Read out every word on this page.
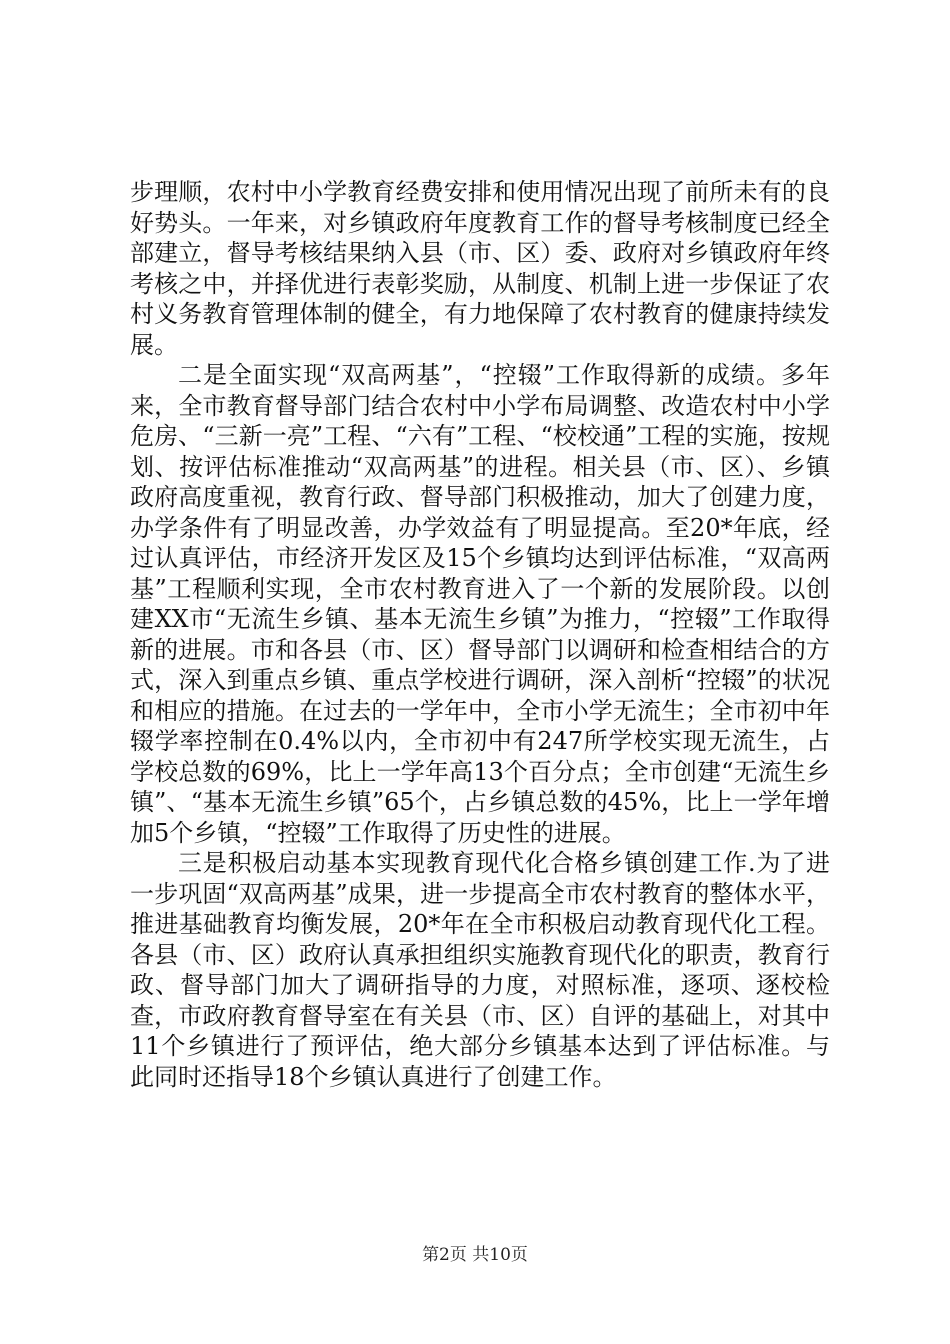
步理顺，农村中小学教育经费安排和使用情况出现了前所未有的良好势头。一年来，对乡镇政府年度教育工作的督导考核制度已经全部建立，督导考核结果纳入县（市、区）委、政府对乡镇政府年终考核之中，并择优进行表彰奖励，从制度、机制上进一步保证了农村义务教育管理体制的健全，有力地保障了农村教育的健康持续发展。

二是全面实现“双高两基”，“控辍”工作取得新的成绩。多年来，全市教育督导部门结合农村中小学布局调整、改造农村中小学危房、“三新一亮”工程、“六有”工程、“校校通”工程的实施，按规划、按评估标准推动“双高两基”的进程。相关县（市、区）、乡镇政府高度重视，教育行政、督导部门积极推动，加大了创建力度，办学条件有了明显改善，办学效益有了明显提高。至20*年底，经过认真评估，市经济开发区及15个乡镇均达到评估标准，“双高两基”工程顺利实现，全市农村教育进入了一个新的发展阶段。以创建XX市“无流生乡镇、基本无流生乡镇”为推力，“控辍”工作取得新的进展。市和各县（市、区）督导部门以调研和检查相结合的方式，深入到重点乡镇、重点学校进行调研，深入剖析“控辍”的状况和相应的措施。在过去的一学年中，全市小学无流生；全市初中年辍学率控制在0.4%以内，全市初中有247所学校实现无流生，占学校总数的69%，比上一学年高13个百分点；全市创建“无流生乡镇”、“基本无流生乡镇”65个，占乡镇总数的45%，比上一学年增加5个乡镇，“控辍”工作取得了历史性的进展。

三是积极启动基本实现教育现代化合格乡镇创建工作.为了进一步巩固“双高两基”成果，进一步提高全市农村教育的整体水平，推进基础教育均衡发展，20*年在全市积极启动教育现代化工程。各县（市、区）政府认真承担组织实施教育现代化的职责，教育行政、督导部门加大了调研指导的力度，对照标准，逐项、逐校检查，市政府教育督导室在有关县（市、区）自评的基础上，对其中11个乡镇进行了预评估，绝大部分乡镇基本达到了评估标准。与此同时还指导18个乡镇认真进行了创建工作。

第2页 共10页
